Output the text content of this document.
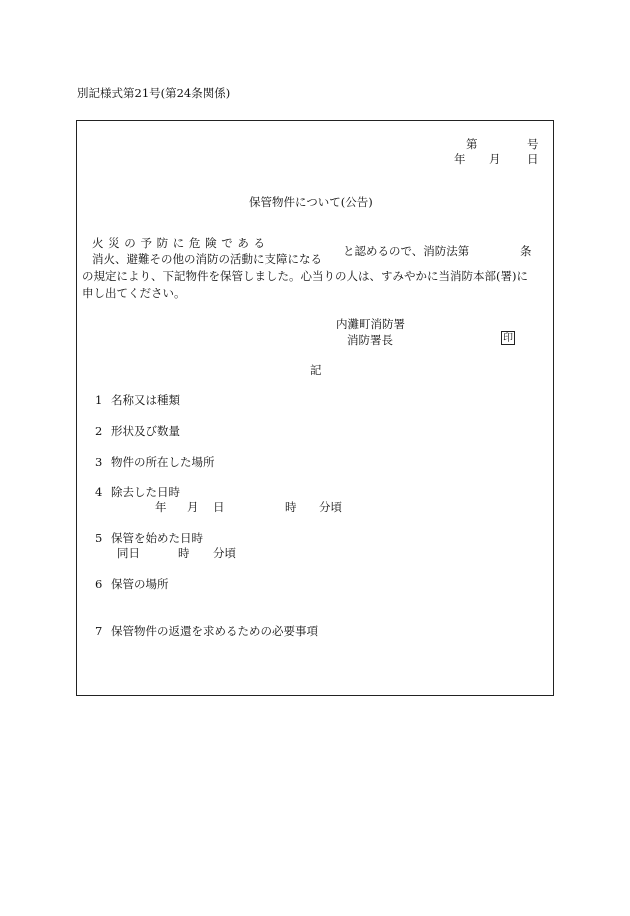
別記様式第21号(第24条関係)
第	号
年 月 日
保管物件について(公告)
火 災 の 予 防 に 危 険 で あ る
消火、避難その他の消防の活動に支障になる
と認めるので、消防法第	条
の規定により、下記物件を保管しました。心当りの人は、すみやかに当消防本部(署)に
申し出てください。
内灘町消防署
消防署長	印
記
1 名称又は種類
2 形状及び数量
3 物件の所在した場所
4 除去した日時
年 月 日	時 分頃
5 保管を始めた日時
同日	時 分頃
6 保管の場所
7 保管物件の返還を求めるための必要事項
